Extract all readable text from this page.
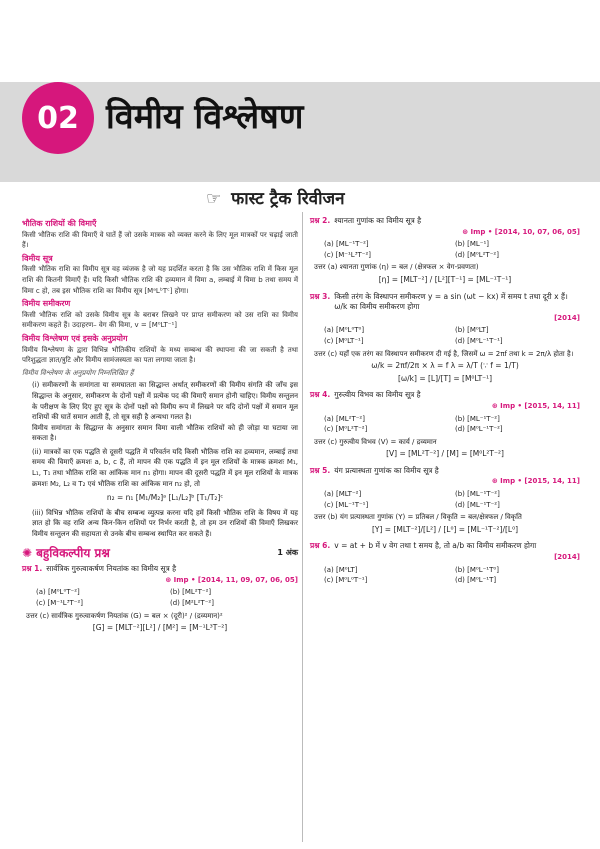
02 विमीय विश्लेषण
☞ फास्ट ट्रैक रिवीजन
भौतिक राशियों की विमाएँ

किसी भौतिक राशि की विमाएँ वे घातें हैं जो उसके मात्रक को व्यक्त करने के लिए मूल मात्रकों पर चढ़ाई जाती हैं।

विमीय सूत्र

किसी भौतिक राशि का विमीय सूत्र वह व्यंजक है जो यह प्रदर्शित करता है कि उस भौतिक राशि में किस मूल राशि की कितनी विमाएँ हैं। यदि किसी भौतिक राशि की द्रव्यमान में विमा a, लम्बाई में विमा b तथा समय में विमा c हो, तब इस भौतिक राशि का विमीय सूत्र [MᵃLᵇTᶜ] होगा।

विमीय समीकरण

किसी भौतिक राशि को उसके विमीय सूत्र के बराबर लिखने पर प्राप्त समीकरण को उस राशि का विमीय समीकरण कहते हैं। उदाहरण– वेग की विमा, v = [M⁰LT⁻¹]

विमीय विश्लेषण एवं इसके अनुप्रयोग

विमीय विश्लेषण के द्वारा विभिन्न भौतिकीय राशियों के मध्य सम्बन्ध की स्थापना की जा सकती है तथा परिशुद्धता ज्ञात/त्रुटि और विमीय सामंजस्यता का पता लगाया जाता है।

विमीय विश्लेषण के अनुप्रयोग निम्नलिखित हैं

(i) समीकरणों के समांगता या समघातता का सिद्धान्त अर्थात् समीकरणों की विमीय संगति की जाँच इस सिद्धान्त के अनुसार, समीकरण के दोनों पक्षों में प्रत्येक पद की विमाएँ समान होनी चाहिए। विमीय सन्तुलन के परीक्षण के लिए दिए हुए सूत्र के दोनों पक्षों को विमीय रूप में लिखने पर यदि दोनों पक्षों में समान मूल राशियों की घातें समान आती हैं, तो सूत्र सही है अन्यथा गलत है।
विमीय समांगता के सिद्धान्त के अनुसार समान विमा वाली भौतिक राशियों को ही जोड़ा या घटाया जा सकता है।
(ii) मात्रकों का एक पद्धति से दूसरी पद्धति में परिवर्तन यदि किसी भौतिक राशि का द्रव्यमान, लम्बाई तथा समय की विमाएँ क्रमशः a, b, c हैं, तो मापन की एक पद्धति में इन मूल राशियों के मात्रक क्रमशः M₁, L₁, T₁ तथा भौतिक राशि का आंकिक मान n₁ होगा। मापन की दूसरी पद्धति में इन मूल राशियों के मात्रक क्रमशः M₂, L₂ व T₂ एवं भौतिक राशि का आंकिक मान n₂ हो, तो
n₂ = n₁ [M₁/M₂]ᵃ [L₁/L₂]ᵇ [T₁/T₂]ᶜ
(iii) विभिन्न भौतिक राशियों के बीच सम्बन्ध व्युत्पन्न करना यदि हमें किसी भौतिक राशि के विषय में यह ज्ञात हो कि वह राशि अन्य किन-किन राशियों पर निर्भर करती है, तो हम उन राशियों की विमाएँ लिखकर विमीय सन्तुलन की सहायता से उनके बीच सम्बन्ध स्थापित कर सकते हैं।
✺ बहुविकल्पीय प्रश्न	1 अंक
प्रश्न 1. सार्वत्रिक गुरुत्वाकर्षण नियतांक का विमीय सूत्र है
⊛ Imp • [2014, 11, 09, 07, 06, 05]
(a) [M⁰L⁰T⁻²]	(b) [ML²T⁻²]
(c) [M⁻¹L³T⁻²]	(d) [M²L²T⁻²]
उत्तर (c) सार्वत्रिक गुरुत्वाकर्षण नियतांक (G) = बल × (दूरी)² / (द्रव्यमान)²
[G] = [MLT⁻²][L²] / [M²] = [M⁻¹L³T⁻²]
प्रश्न 2. श्यानता गुणांक का विमीय सूत्र है
⊛ Imp • [2014, 10, 07, 06, 05]
(a) [ML⁻¹T⁻²]	(b) [ML⁻¹]
(c) [M⁻¹L³T⁻²]	(d) [M⁰L²T⁻²]
उत्तर (a) श्यानता गुणांक (η) = बल / (क्षेत्रफल × वेग-प्रवणता)
[η] = [MLT⁻²] / [L²][T⁻¹] = [ML⁻¹T⁻¹]
प्रश्न 3. किसी तरंग के विस्थापन समीकरण y = a sin (ωt − kx) में समय t तथा दूरी x हैं। ω/k का विमीय समीकरण होगा
[2014]
(a) [M⁰L⁰T⁰]	(b) [M⁰LT]
(c) [M⁰LT⁻¹]	(d) [M⁰L⁻¹T⁻¹]
उत्तर (c) यहाँ एक तरंग का विस्थापन समीकरण दी गई है, जिसमें ω = 2πf तथा k = 2π/λ होता है।
ω/k = 2πf/2π × λ = f λ = λ/T (∵ f = 1/T)
[ω/k] = [L]/[T] = [M⁰LT⁻¹]
प्रश्न 4. गुरुत्वीय विभव का विमीय सूत्र है
⊛ Imp • [2015, 14, 11]
(a) [ML²T⁻²]	(b) [ML⁻¹T⁻²]
(c) [M⁰L²T⁻²]	(d) [M⁰L⁻¹T⁻²]
उत्तर (c) गुरुत्वीय विभव (V) = कार्य / द्रव्यमान
[V] = [ML²T⁻²] / [M] = [M⁰L²T⁻²]
प्रश्न 5. यंग प्रत्यास्थता गुणांक का विमीय सूत्र है
⊛ Imp • [2015, 14, 11]
(a) [MLT⁻²]	(b) [ML⁻¹T⁻²]
(c) [ML⁻¹T⁻¹]	(d) [ML⁻¹T⁻²]
उत्तर (b) यंग प्रत्यास्थता गुणांक (Y) = प्रतिबल / विकृति = बल/क्षेत्रफल / विकृति
[Y] = [MLT⁻²]/[L²] / [L⁰] = [ML⁻¹T⁻²]/[L⁰]
प्रश्न 6. v = at + b में v वेग तथा t समय है, तो a/b का विमीय समीकरण होगा
[2014]
(a) [M⁰LT]	(b) [M⁰L⁻¹T⁰]
(c) [M⁰L⁰T⁻¹]	(d) [M⁰L⁻¹T]
